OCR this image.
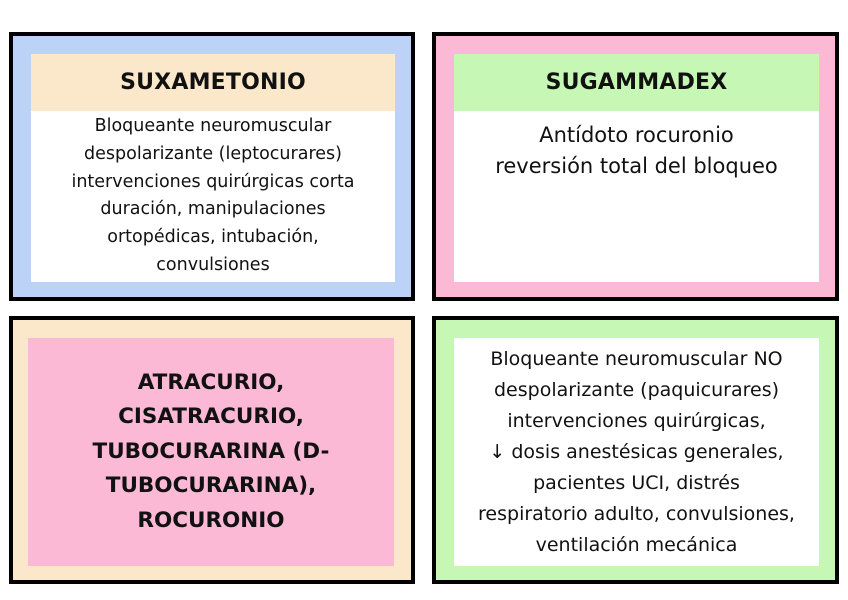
SUXAMETONIO
Bloqueante neuromuscular
despolarizante (leptocurares)
intervenciones quirúrgicas corta
duración, manipulaciones
ortopédicas, intubación,
convulsiones
SUGAMMADEX
Antídoto rocuronio
reversión total del bloqueo
ATRACURIO,
CISATRACURIO,
TUBOCURARINA (D-
TUBOCURARINA),
ROCURONIO
Bloqueante neuromuscular NO
despolarizante (paquicurares)
intervenciones quirúrgicas,
↓ dosis anestésicas generales,
pacientes UCI, distrés
respiratorio adulto, convulsiones,
ventilación mecánica
